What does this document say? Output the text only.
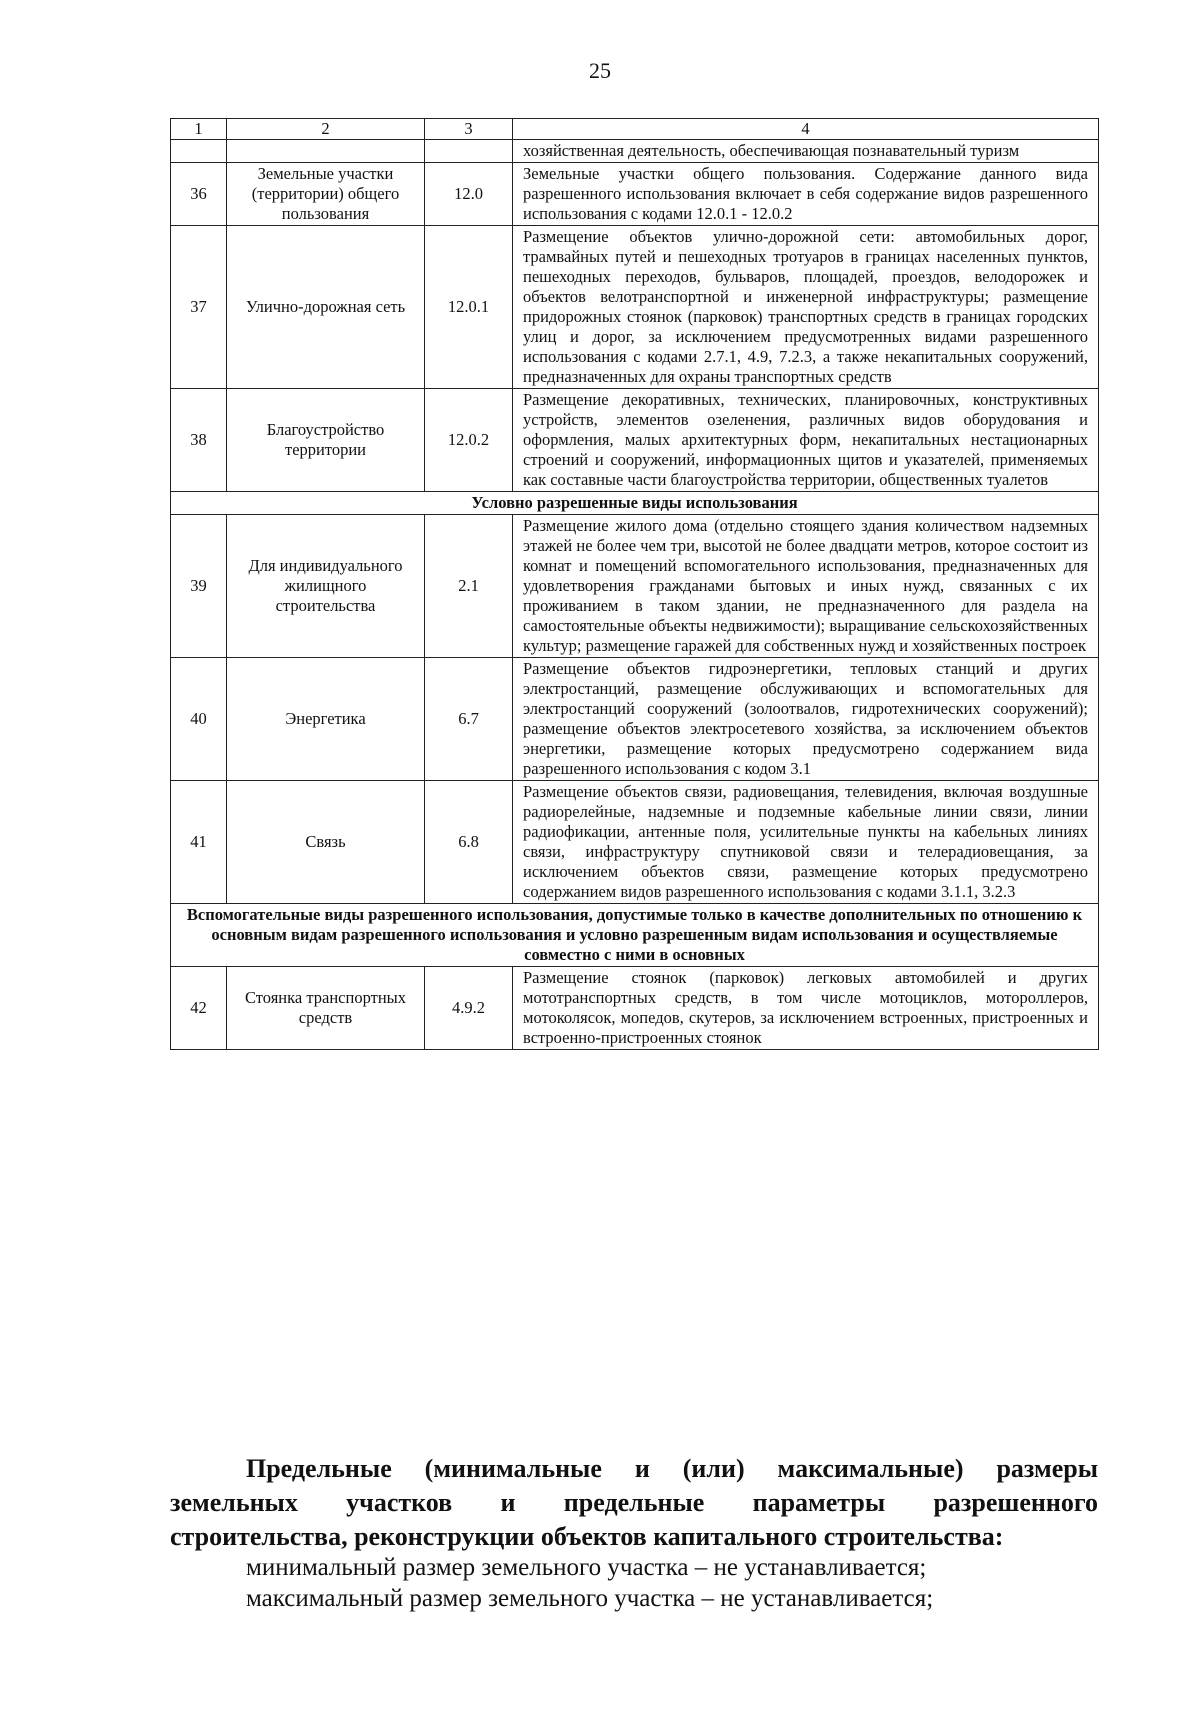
25
1	2	3	4
			хозяйственная деятельность, обеспечивающая познавательный туризм
36	Земельные участки (территории) общего пользования	12.0	Земельные участки общего пользования. Содержание данного вида разрешенного использования включает в себя содержание видов разрешенного использования с кодами 12.0.1 - 12.0.2
37	Улично-дорожная сеть	12.0.1	Размещение объектов улично-дорожной сети: автомобильных дорог, трамвайных путей и пешеходных тротуаров в границах населенных пунктов, пешеходных переходов, бульваров, площадей, проездов, велодорожек и объектов велотранспортной и инженерной инфраструктуры; размещение придорожных стоянок (парковок) транспортных средств в границах городских улиц и дорог, за исключением предусмотренных видами разрешенного использования с кодами 2.7.1, 4.9, 7.2.3, а также некапитальных сооружений, предназначенных для охраны транспортных средств
38	Благоустройство территории	12.0.2	Размещение декоративных, технических, планировочных, конструктивных устройств, элементов озеленения, различных видов оборудования и оформления, малых архитектурных форм, некапитальных нестационарных строений и сооружений, информационных щитов и указателей, применяемых как составные части благоустройства территории, общественных туалетов
Условно разрешенные виды использования			
39	Для индивидуального жилищного строительства	2.1	Размещение жилого дома (отдельно стоящего здания количеством надземных этажей не более чем три, высотой не более двадцати метров, которое состоит из комнат и помещений вспомогательного использования, предназначенных для удовлетворения гражданами бытовых и иных нужд, связанных с их проживанием в таком здании, не предназначенного для раздела на самостоятельные объекты недвижимости); выращивание сельскохозяйственных культур; размещение гаражей для собственных нужд и хозяйственных построек
40	Энергетика	6.7	Размещение объектов гидроэнергетики, тепловых станций и других электростанций, размещение обслуживающих и вспомогательных для электростанций сооружений (золоотвалов, гидротехнических сооружений); размещение объектов электросетевого хозяйства, за исключением объектов энергетики, размещение которых предусмотрено содержанием вида разрешенного использования с кодом 3.1
41	Связь	6.8	Размещение объектов связи, радиовещания, телевидения, включая воздушные радиорелейные, надземные и подземные кабельные линии связи, линии радиофикации, антенные поля, усилительные пункты на кабельных линиях связи, инфраструктуру спутниковой связи и телерадиовещания, за исключением объектов связи, размещение которых предусмотрено содержанием видов разрешенного использования с кодами 3.1.1, 3.2.3
Вспомогательные виды разрешенного использования, допустимые только в качестве дополнительных по отношению к основным видам разрешенного использования и условно разрешенным видам использования и осуществляемые совместно с ними в основных			
42	Стоянка транспортных средств	4.9.2	Размещение стоянок (парковок) легковых автомобилей и других мототранспортных средств, в том числе мотоциклов, мотороллеров, мотоколясок, мопедов, скутеров, за исключением встроенных, пристроенных и встроенно-пристроенных стоянок
Предельные (минимальные и (или) максимальные) размеры
земельных участков и предельные параметры разрешенного
строительства, реконструкции объектов капитального строительства:
минимальный размер земельного участка – не устанавливается;
максимальный размер земельного участка – не устанавливается;
